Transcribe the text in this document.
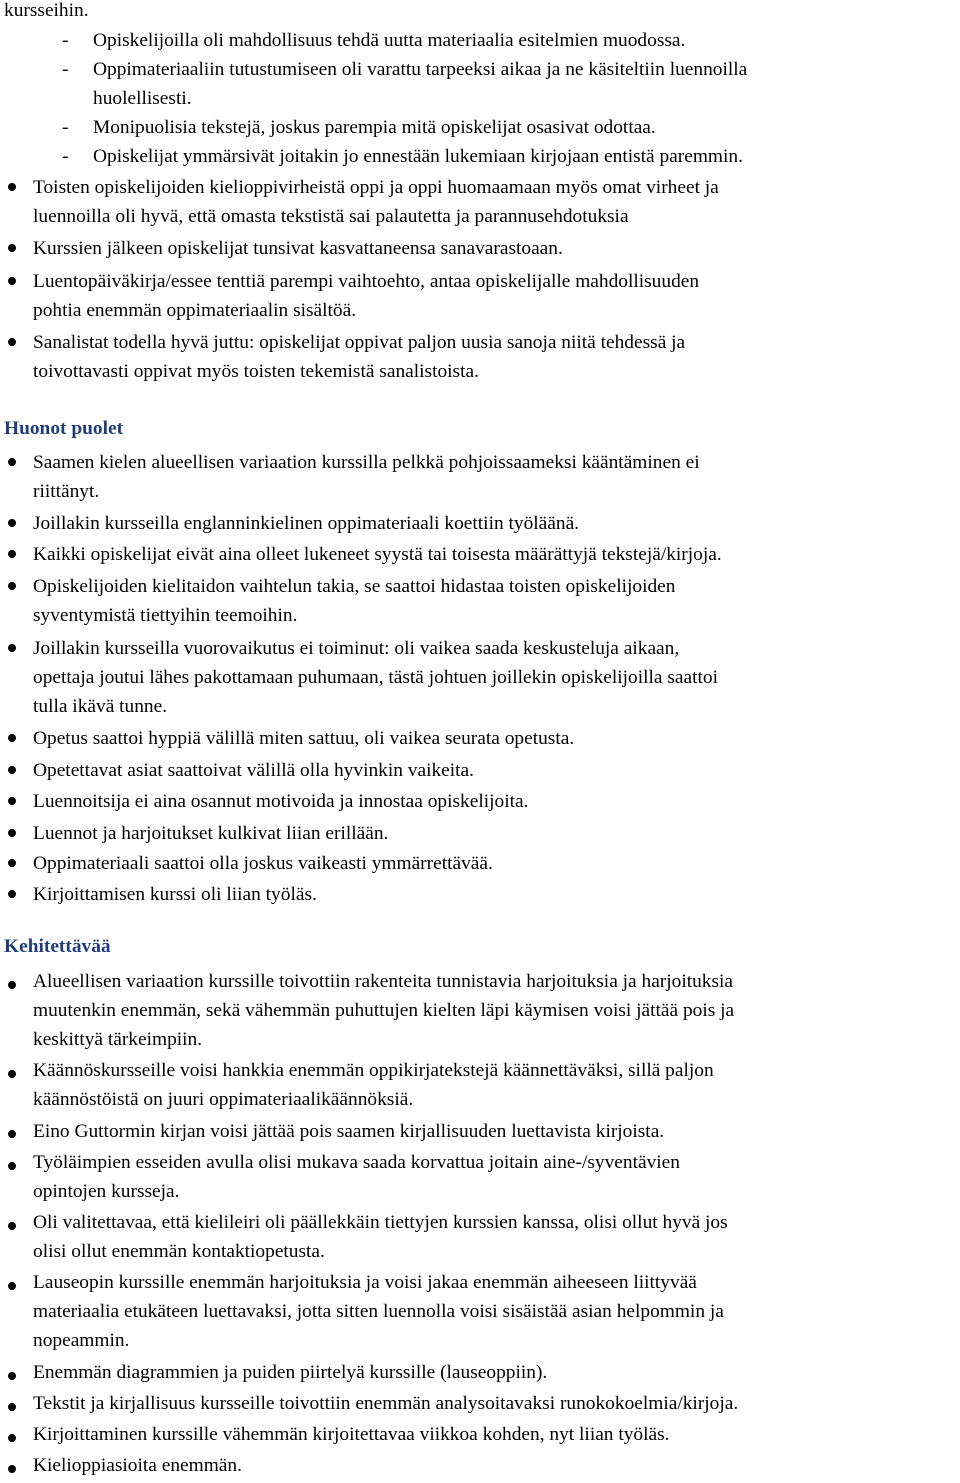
kursseihin.
- Opiskelijoilla oli mahdollisuus tehdä uutta materiaalia esitelmien muodossa.
- Oppimateriaaliin tutustumiseen oli varattu tarpeeksi aikaa ja ne käsiteltiin luennoilla
huolellisesti.
- Monipuolisia tekstejä, joskus parempia mitä opiskelijat osasivat odottaa.
- Opiskelijat ymmärsivät joitakin jo ennestään lukemiaan kirjojaan entistä paremmin.
Toisten opiskelijoiden kielioppivirheistä oppi ja oppi huomaamaan myös omat virheet ja
luennoilla oli hyvä, että omasta tekstistä sai palautetta ja parannusehdotuksia
Kurssien jälkeen opiskelijat tunsivat kasvattaneensa sanavarastoaan.
Luentopäiväkirja/essee tenttiä parempi vaihtoehto, antaa opiskelijalle mahdollisuuden
pohtia enemmän oppimateriaalin sisältöä.
Sanalistat todella hyvä juttu: opiskelijat oppivat paljon uusia sanoja niitä tehdessä ja
toivottavasti oppivat myös toisten tekemistä sanalistoista.
Huonot puolet
Saamen kielen alueellisen variaation kurssilla pelkkä pohjoissaameksi kääntäminen ei
riittänyt.
Joillakin kursseilla englanninkielinen oppimateriaali koettiin työläänä.
Kaikki opiskelijat eivät aina olleet lukeneet syystä tai toisesta määrättyjä tekstejä/kirjoja.
Opiskelijoiden kielitaidon vaihtelun takia, se saattoi hidastaa toisten opiskelijoiden
syventymistä tiettyihin teemoihin.
Joillakin kursseilla vuorovaikutus ei toiminut: oli vaikea saada keskusteluja aikaan,
opettaja joutui lähes pakottamaan puhumaan, tästä johtuen joillekin opiskelijoilla saattoi
tulla ikävä tunne.
Opetus saattoi hyppiä välillä miten sattuu, oli vaikea seurata opetusta.
Opetettavat asiat saattoivat välillä olla hyvinkin vaikeita.
Luennoitsija ei aina osannut motivoida ja innostaa opiskelijoita.
Luennot ja harjoitukset kulkivat liian erillään.
Oppimateriaali saattoi olla joskus vaikeasti ymmärrettävää.
Kirjoittamisen kurssi oli liian työläs.
Kehitettävää
Alueellisen variaation kurssille toivottiin rakenteita tunnistavia harjoituksia ja harjoituksia
muutenkin enemmän, sekä vähemmän puhuttujen kielten läpi käymisen voisi jättää pois ja
keskittyä tärkeimpiin.
Käännöskursseille voisi hankkia enemmän oppikirjatekstejä käännettäväksi, sillä paljon
käännöstöistä on juuri oppimateriaalikäännöksiä.
Eino Guttormin kirjan voisi jättää pois saamen kirjallisuuden luettavista kirjoista.
Työläimpien esseiden avulla olisi mukava saada korvattua joitain aine-/syventävien
opintojen kursseja.
Oli valitettavaa, että kielileiri oli päällekkäin tiettyjen kurssien kanssa, olisi ollut hyvä jos
olisi ollut enemmän kontaktiopetusta.
Lauseopin kurssille enemmän harjoituksia ja voisi jakaa enemmän aiheeseen liittyvää
materiaalia etukäteen luettavaksi, jotta sitten luennolla voisi sisäistää asian helpommin ja
nopeammin.
Enemmän diagrammien ja puiden piirtelyä kurssille (lauseoppiin).
Tekstit ja kirjallisuus kursseille toivottiin enemmän analysoitavaksi runokokoelmia/kirjoja.
Kirjoittaminen kurssille vähemmän kirjoitettavaa viikkoa kohden, nyt liian työläs.
Kielioppiasioita enemmän.
